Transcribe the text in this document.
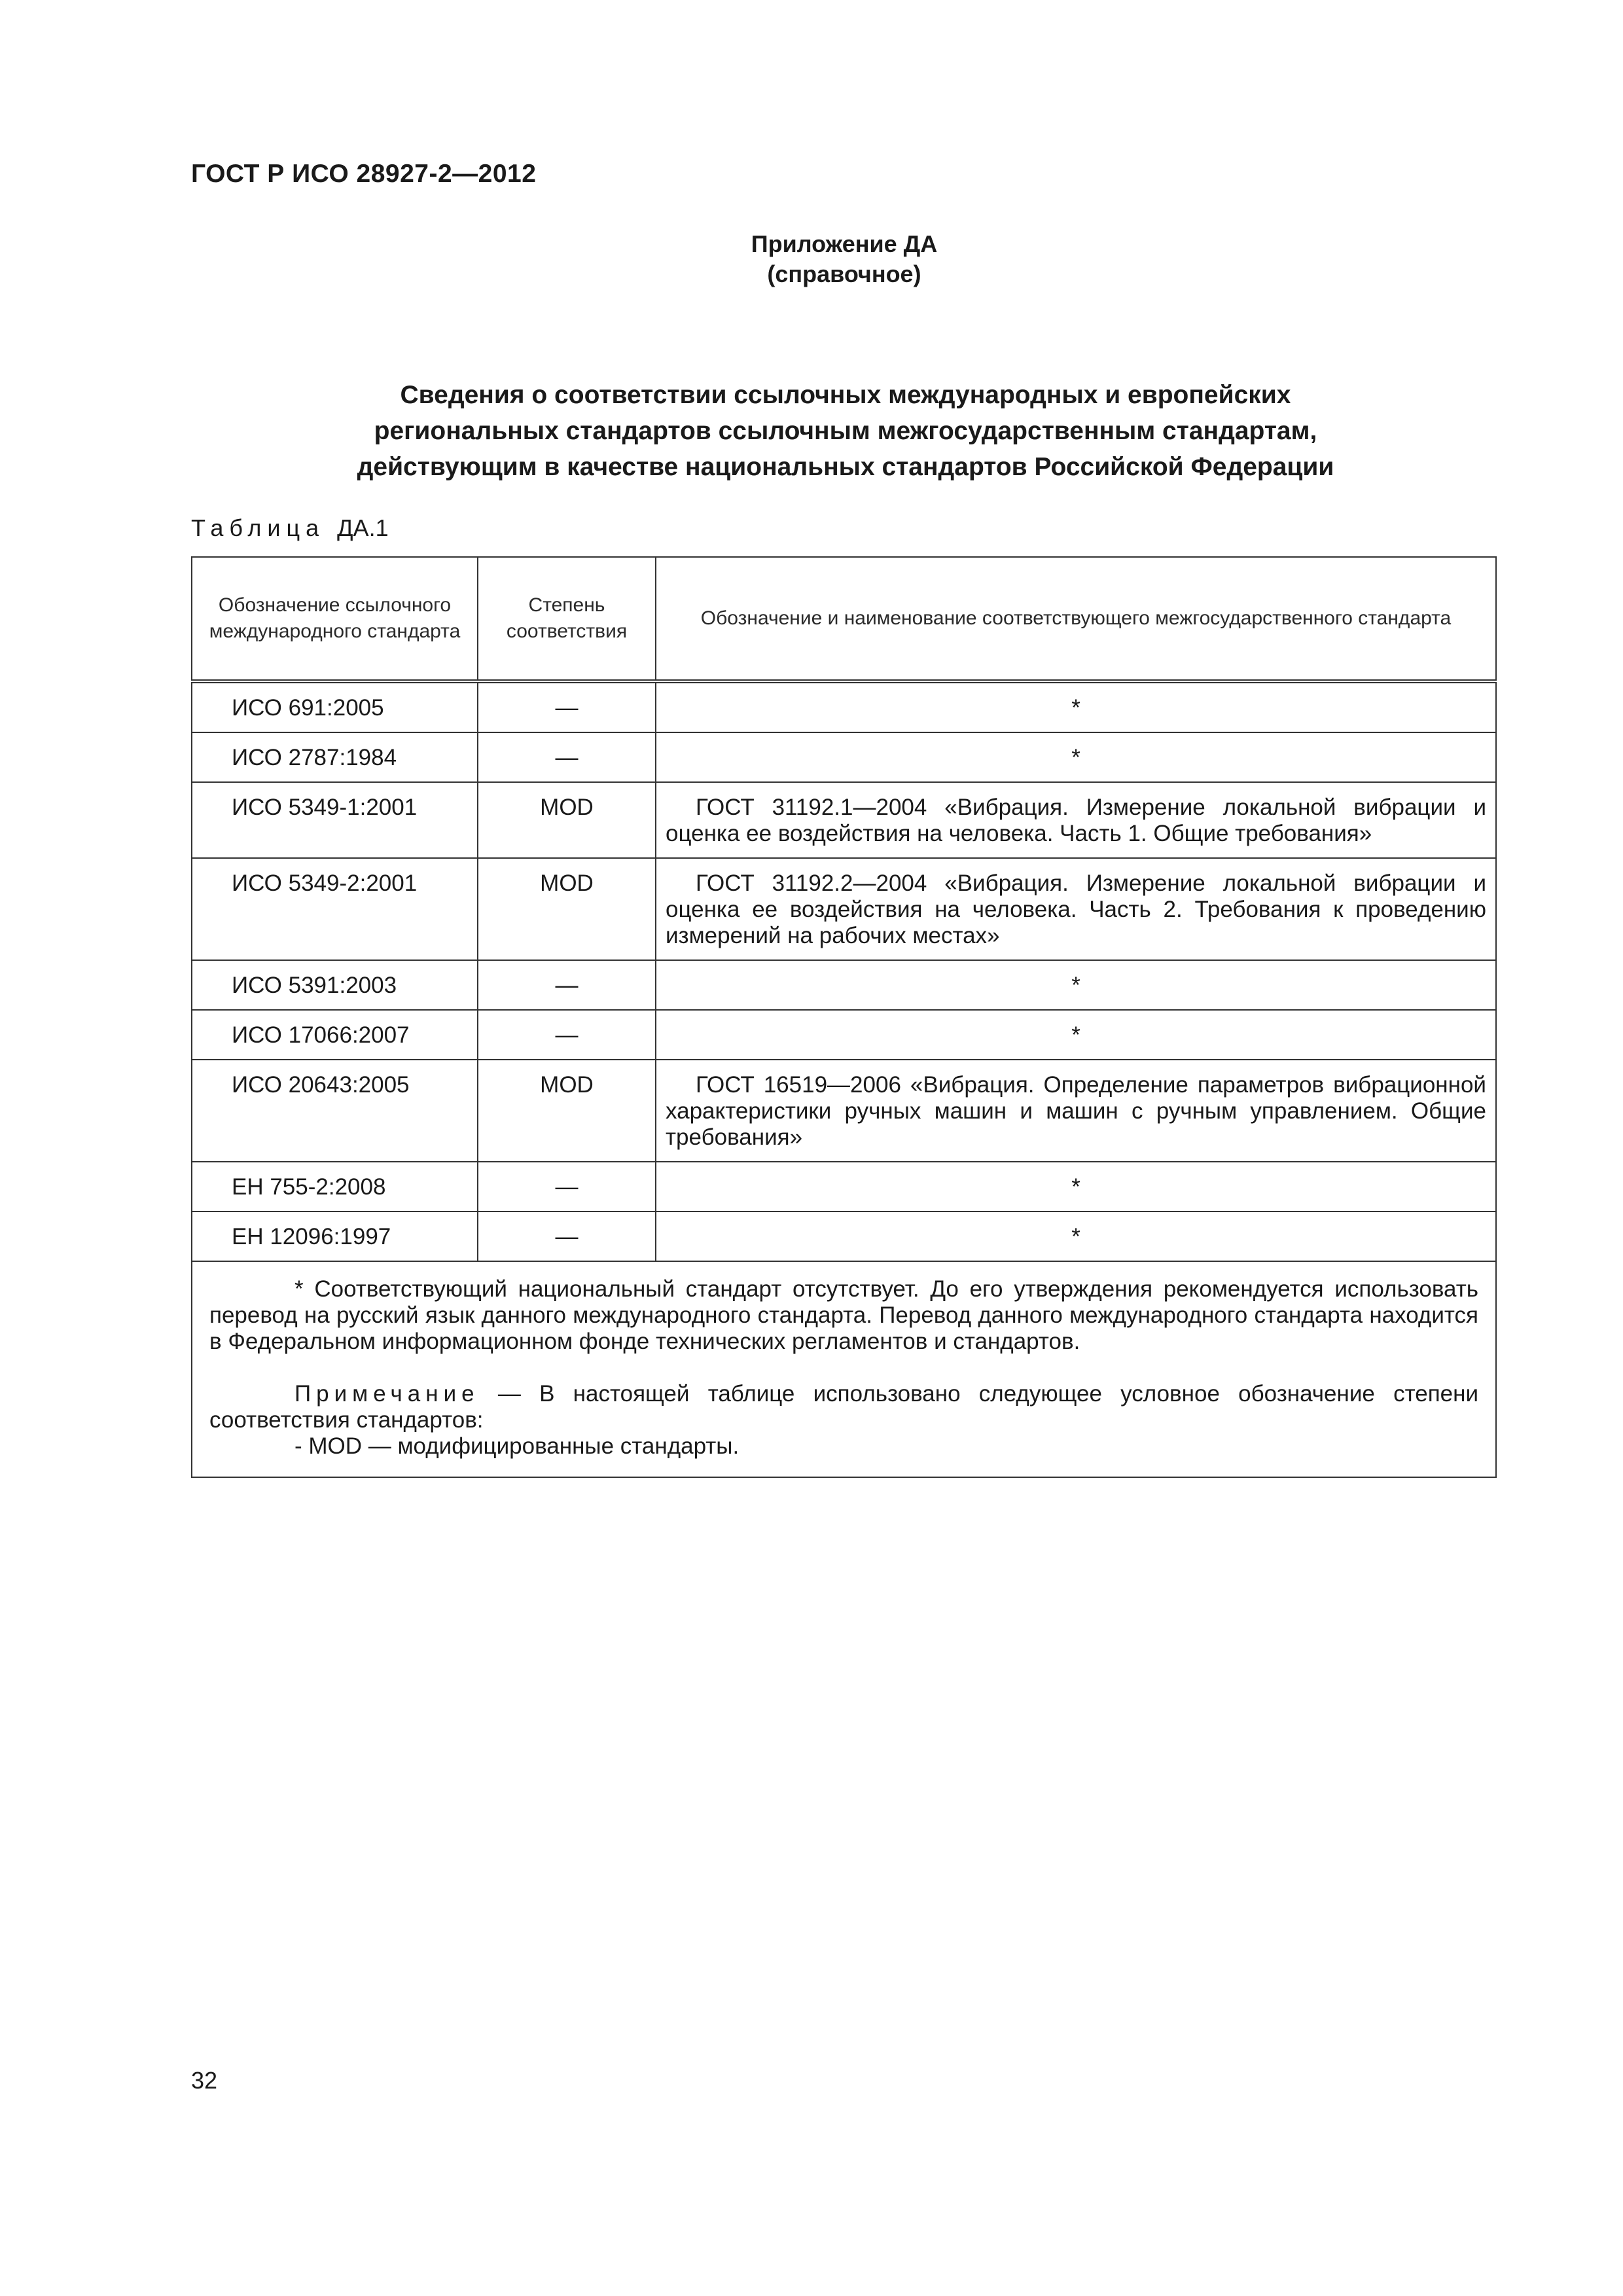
ГОСТ Р ИСО 28927-2—2012
Приложение ДА
(справочное)
Сведения о соответствии ссылочных международных и европейских
региональных стандартов ссылочным межгосударственным стандартам,
действующим в качестве национальных стандартов Российской Федерации
Таблица ДА.1
Обозначение ссылочного международного стандарта	Степень соответствия	Обозначение и наименование соответствующего межгосударственного стандарта
ИСО 691:2005	—	*
ИСО 2787:1984	—	*
ИСО 5349-1:2001	MOD	ГОСТ 31192.1—2004 «Вибрация. Измерение локальной вибрации и оценка ее воздействия на человека. Часть 1. Общие требования»
ИСО 5349-2:2001	MOD	ГОСТ 31192.2—2004 «Вибрация. Измерение локальной вибрации и оценка ее воздействия на человека. Часть 2. Требования к проведению измерений на рабочих местах»
ИСО 5391:2003	—	*
ИСО 17066:2007	—	*
ИСО 20643:2005	MOD	ГОСТ 16519—2006 «Вибрация. Определение параметров вибрационной характеристики ручных машин и машин с ручным управлением. Общие требования»
ЕН 755-2:2008	—	*
ЕН 12096:1997	—	*

* Соответствующий национальный стандарт отсутствует. До его утверждения рекомендуется использовать перевод на русский язык данного международного стандарта. Перевод данного международного стандарта находится в Федеральном информационном фонде технических регламентов и стандартов.

Примечание — В настоящей таблице использовано следующее условное обозначение степени соответствия стандартов:

- MOD — модифицированные стандарты.		

32
